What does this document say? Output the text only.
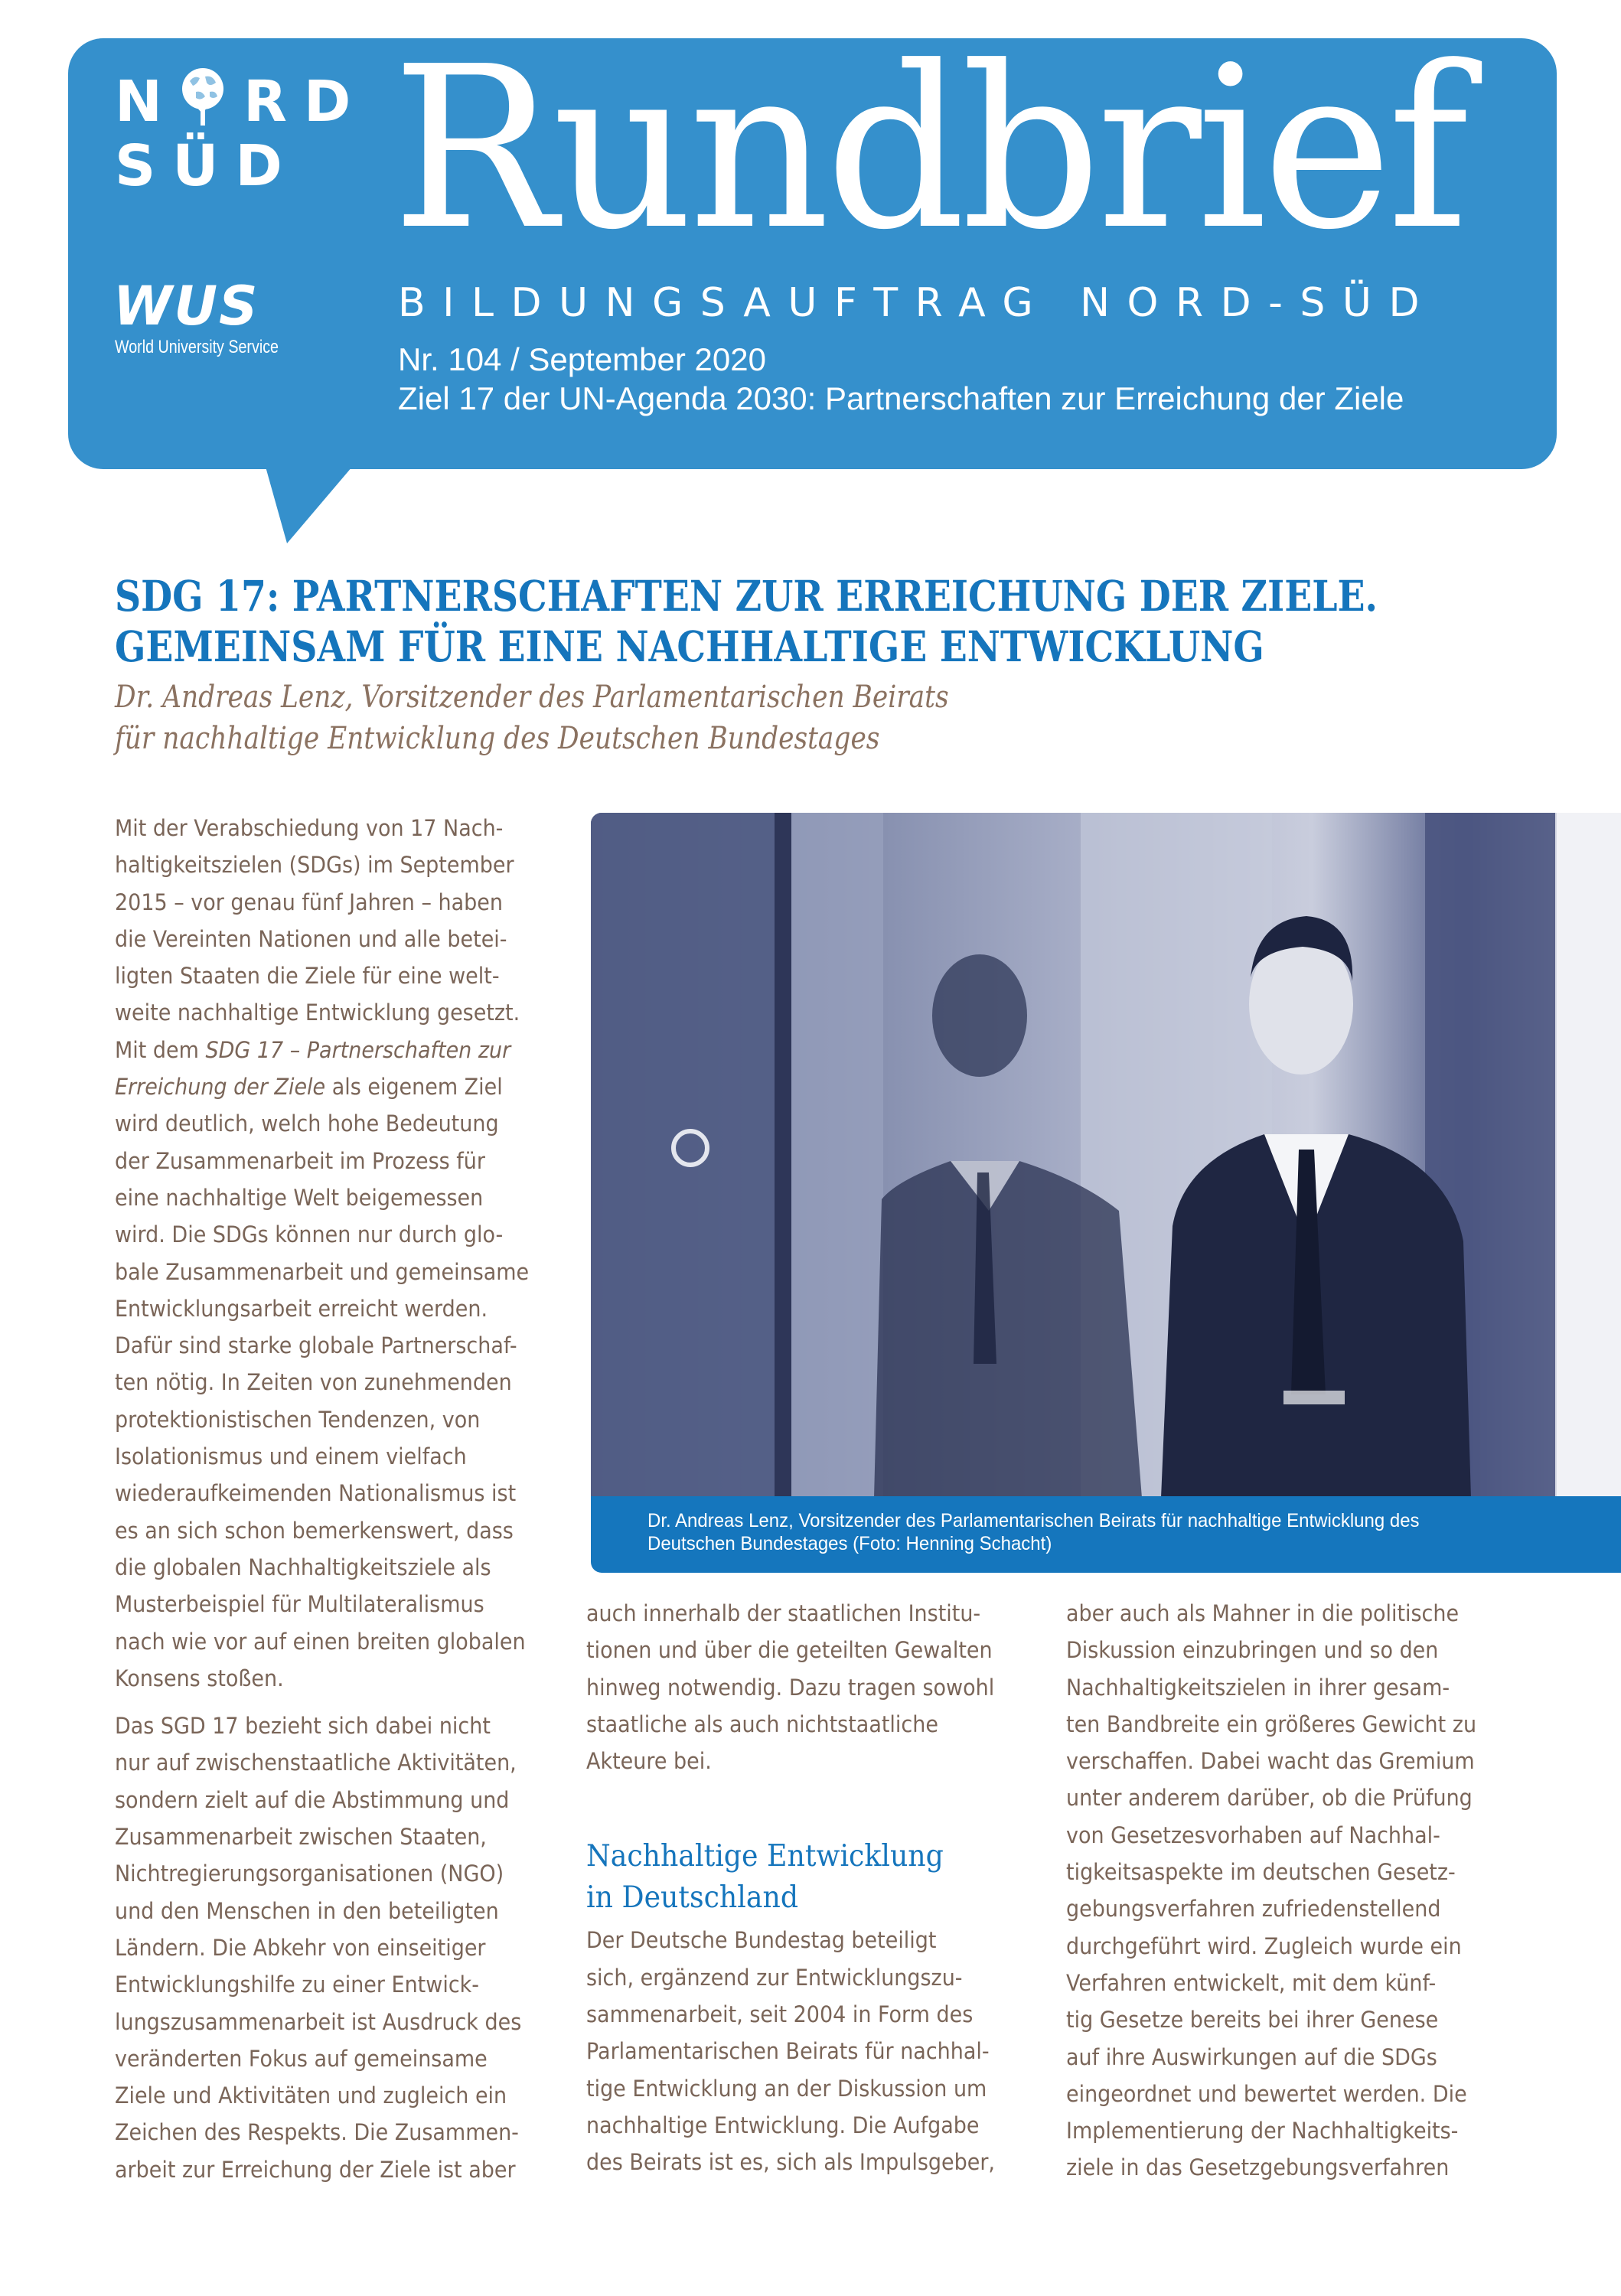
N RD
SÜD
WUS
World University Service
Rundbrief
BILDUNGSAUFTRAG NORD-SÜD
Nr. 104 / September 2020
Ziel 17 der UN-Agenda 2030: Partnerschaften zur Erreichung der Ziele
SDG 17: PARTNERSCHAFTEN ZUR ERREICHUNG DER ZIELE.
GEMEINSAM FÜR EINE NACHHALTIGE ENTWICKLUNG
Dr. Andreas Lenz, Vorsitzender des Parlamentarischen Beirats
für nachhaltige Entwicklung des Deutschen Bundestages

Mit der Verabschiedung von 17 Nach-
haltigkeitszielen (SDGs) im September
2015 – vor genau fünf Jahren – haben
die Vereinten Nationen und alle betei-
ligten Staaten die Ziele für eine welt-
weite nachhaltige Entwicklung gesetzt.
Mit dem SDG 17 – Partnerschaften zur
Erreichung der Ziele als eigenem Ziel
wird deutlich, welch hohe Bedeutung
der Zusammenarbeit im Prozess für
eine nachhaltige Welt beigemessen
wird. Die SDGs können nur durch glo-
bale Zusammenarbeit und gemeinsame
Entwicklungsarbeit erreicht werden.
Dafür sind starke globale Partnerschaf-
ten nötig. In Zeiten von zunehmenden
protektionistischen Tendenzen, von
Isolationismus und einem vielfach
wiederaufkeimenden Nationalismus ist
es an sich schon bemerkenswert, dass
die globalen Nachhaltigkeitsziele als
Musterbeispiel für Multilateralismus
nach wie vor auf einen breiten globalen
Konsens stoßen.

Das SGD 17 bezieht sich dabei nicht
nur auf zwischenstaatliche Aktivitäten,
sondern zielt auf die Abstimmung und
Zusammenarbeit zwischen Staaten,
Nichtregierungsorganisationen (NGO)
und den Menschen in den beteiligten
Ländern. Die Abkehr von einseitiger
Entwicklungshilfe zu einer Entwick-
lungszusammenarbeit ist Ausdruck des
veränderten Fokus auf gemeinsame
Ziele und Aktivitäten und zugleich ein
Zeichen des Respekts. Die Zusammen-
arbeit zur Erreichung der Ziele ist aber

Dr. Andreas Lenz, Vorsitzender des Parlamentarischen Beirats für nachhaltige Entwicklung des
Deutschen Bundestages (Foto: Henning Schacht)

auch innerhalb der staatlichen Institu-
tionen und über die geteilten Gewalten
hinweg notwendig. Dazu tragen sowohl
staatliche als auch nichtstaatliche
Akteure bei.

Nachhaltige Entwicklung
in Deutschland

Der Deutsche Bundestag beteiligt
sich, ergänzend zur Entwicklungszu-
sammenarbeit, seit 2004 in Form des
Parlamentarischen Beirats für nachhal-
tige Entwicklung an der Diskussion um
nachhaltige Entwicklung. Die Aufgabe
des Beirats ist es, sich als Impulsgeber,

aber auch als Mahner in die politische
Diskussion einzubringen und so den
Nachhaltigkeitszielen in ihrer gesam-
ten Bandbreite ein größeres Gewicht zu
verschaffen. Dabei wacht das Gremium
unter anderem darüber, ob die Prüfung
von Gesetzesvorhaben auf Nachhal-
tigkeitsaspekte im deutschen Gesetz-
gebungsverfahren zufriedenstellend
durchgeführt wird. Zugleich wurde ein
Verfahren entwickelt, mit dem künf-
tig Gesetze bereits bei ihrer Genese
auf ihre Auswirkungen auf die SDGs
eingeordnet und bewertet werden. Die
Implementierung der Nachhaltigkeits-
ziele in das Gesetzgebungsverfahren
